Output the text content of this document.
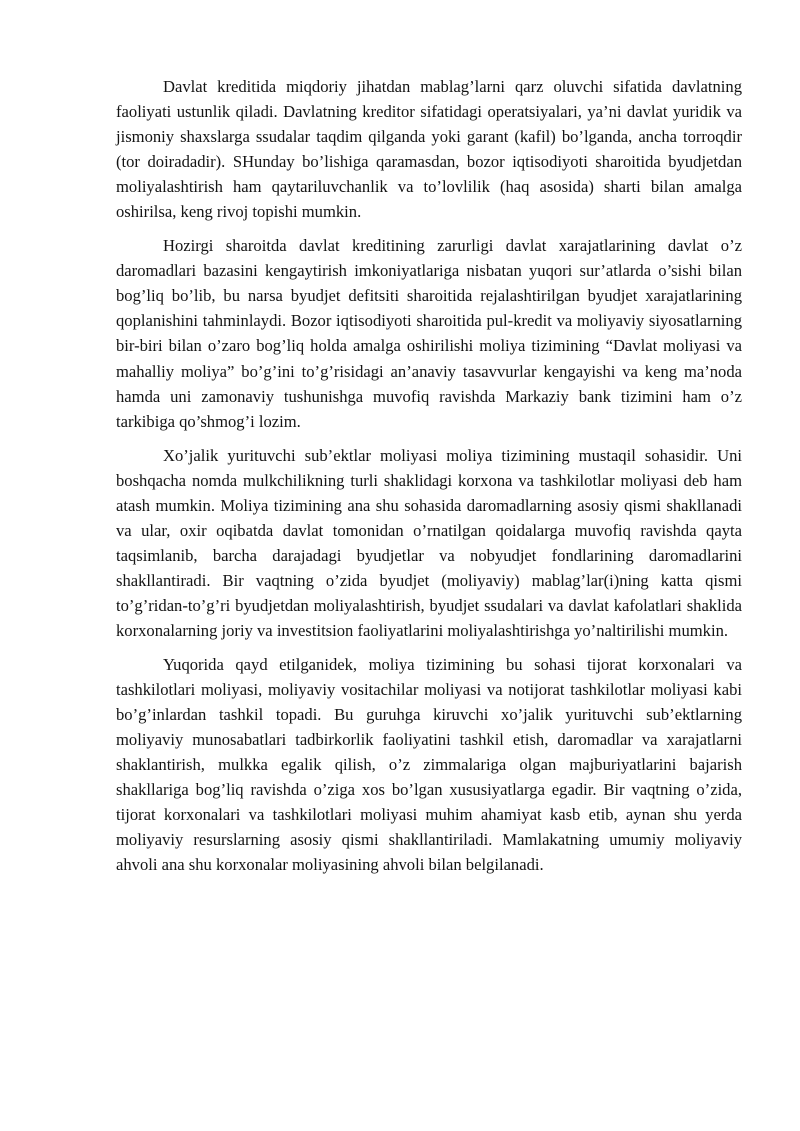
Davlat kreditida miqdoriy jihatdan mablag’larni qarz oluvchi sifatida davlatning faoliyati ustunlik qiladi. Davlatning kreditor sifatidagi operatsiyalari, ya’ni davlat yuridik va jismoniy shaxslarga ssudalar taqdim qilganda yoki garant (kafil) bo’lganda, ancha torroqdir (tor doiradadir). SHunday bo’lishiga qaramasdan, bozor iqtisodiyoti sharoitida byudjetdan moliyalashtirish ham qaytariluvchanlik va to’lovlilik (haq asosida) sharti bilan amalga oshirilsa, keng rivoj topishi mumkin.

Hozirgi sharoitda davlat kreditining zarurligi davlat xarajatlarining davlat o’z daromadlari bazasini kengaytirish imkoniyatlariga nisbatan yuqori sur’atlarda o’sishi bilan bog’liq bo’lib, bu narsa byudjet defitsiti sharoitida rejalashtirilgan byudjet xarajatlarining qoplanishini tahminlaydi. Bozor iqtisodiyoti sharoitida pul-kredit va moliyaviy siyosatlarning bir-biri bilan o’zaro bog’liq holda amalga oshirilishi moliya tizimining “Davlat moliyasi va mahalliy moliya” bo’g’ini to’g’risidagi an’anaviy tasavvurlar kengayishi va keng ma’noda hamda uni zamonaviy tushunishga muvofiq ravishda Markaziy bank tizimini ham o’z tarkibiga qo’shmog’i lozim.

Xo’jalik yurituvchi sub’ektlar moliyasi moliya tizimining mustaqil sohasidir. Uni boshqacha nomda mulkchilikning turli shaklidagi korxona va tashkilotlar moliyasi deb ham atash mumkin. Moliya tizimining ana shu sohasida daromadlarning asosiy qismi shakllanadi va ular, oxir oqibatda davlat tomonidan o’rnatilgan qoidalarga muvofiq ravishda qayta taqsimlanib, barcha darajadagi byudjetlar va nobyudjet fondlarining daromadlarini shakllantiradi. Bir vaqtning o’zida byudjet (moliyaviy) mablag’lar(i)ning katta qismi to’g’ridan-to’g’ri byudjetdan moliyalashtirish, byudjet ssudalari va davlat kafolatlari shaklida korxonalarning joriy va investitsion faoliyatlarini moliyalashtirishga yo’naltirilishi mumkin.

Yuqorida qayd etilganidek, moliya tizimining bu sohasi tijorat korxonalari va tashkilotlari moliyasi, moliyaviy vositachilar moliyasi va notijorat tashkilotlar moliyasi kabi bo’g’inlardan tashkil topadi. Bu guruhga kiruvchi xo’jalik yurituvchi sub’ektlarning moliyaviy munosabatlari tadbirkorlik faoliyatini tashkil etish, daromadlar va xarajatlarni shaklantirish, mulkka egalik qilish, o’z zimmalariga olgan majburiyatlarini bajarish shakllariga bog’liq ravishda o’ziga xos bo’lgan xususiyatlarga egadir. Bir vaqtning o’zida, tijorat korxonalari va tashkilotlari moliyasi muhim ahamiyat kasb etib, aynan shu yerda moliyaviy resurslarning asosiy qismi shakllantiriladi. Mamlakatning umumiy moliyaviy ahvoli ana shu korxonalar moliyasining ahvoli bilan belgilanadi.
